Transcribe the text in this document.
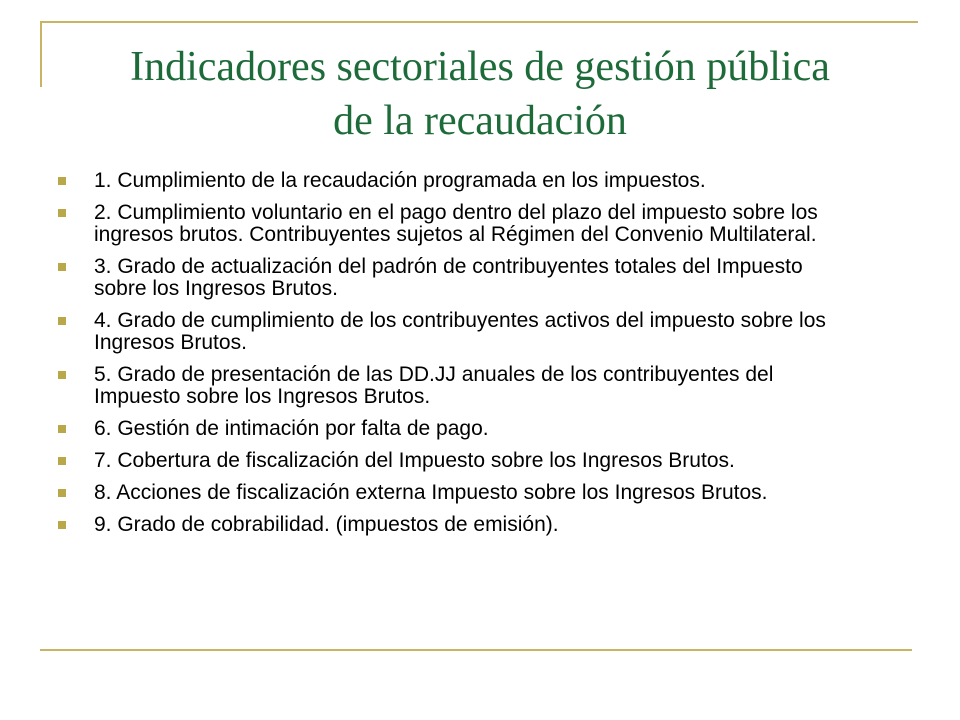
Indicadores sectoriales de gestión pública
de la recaudación
1. Cumplimiento de la recaudación programada en los impuestos.
2. Cumplimiento voluntario en el pago dentro del plazo del impuesto sobre los ingresos brutos. Contribuyentes sujetos al Régimen del Convenio Multilateral.
3. Grado de actualización del padrón de contribuyentes totales del Impuesto sobre los Ingresos Brutos.
4. Grado de cumplimiento de los contribuyentes activos del impuesto sobre los Ingresos Brutos.
5. Grado de presentación de las DD.JJ anuales de los contribuyentes del Impuesto sobre los Ingresos Brutos.
6. Gestión de intimación por falta de pago.
7. Cobertura de fiscalización del Impuesto sobre los Ingresos Brutos.
8. Acciones de fiscalización externa Impuesto sobre los Ingresos Brutos.
9. Grado de cobrabilidad. (impuestos de emisión).
